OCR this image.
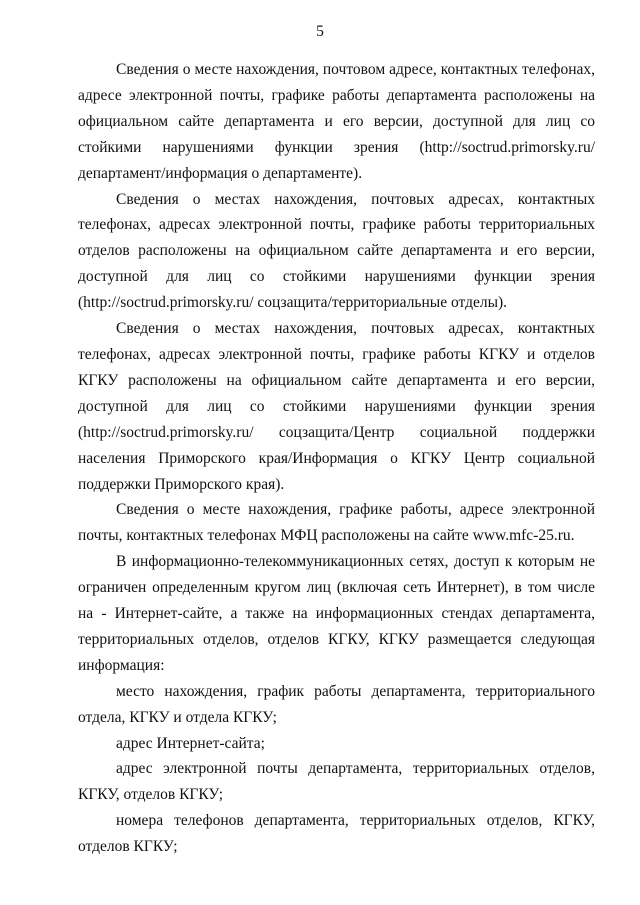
5

Сведения о месте нахождения, почтовом адресе, контактных телефонах, адресе электронной почты, графике работы департамента расположены на официальном сайте департамента и его версии, доступной для лиц со стойкими нарушениями функции зрения (http://soctrud.primorsky.ru/ департамент/информация о департаменте).

Сведения о местах нахождения, почтовых адресах, контактных телефонах, адресах электронной почты, графике работы территориальных отделов расположены на официальном сайте департамента и его версии, доступной для лиц со стойкими нарушениями функции зрения (http://soctrud.primorsky.ru/ соцзащита/территориальные отделы).

Сведения о местах нахождения, почтовых адресах, контактных телефонах, адресах электронной почты, графике работы КГКУ и отделов КГКУ расположены на официальном сайте департамента и его версии, доступной для лиц со стойкими нарушениями функции зрения (http://soctrud.primorsky.ru/ соцзащита/Центр социальной поддержки населения Приморского края/Информация о КГКУ Центр социальной поддержки Приморского края).

Сведения о месте нахождения, графике работы, адресе электронной почты, контактных телефонах МФЦ расположены на сайте www.mfc-25.ru.

В информационно-телекоммуникационных сетях, доступ к которым не ограничен определенным кругом лиц (включая сеть Интернет), в том числе на - Интернет-сайте, а также на информационных стендах департамента, территориальных отделов, отделов КГКУ, КГКУ размещается следующая информация:

место нахождения, график работы департамента, территориального отдела, КГКУ и отдела КГКУ;

адрес Интернет-сайта;

адрес электронной почты департамента, территориальных отделов, КГКУ, отделов КГКУ;

номера телефонов департамента, территориальных отделов, КГКУ, отделов КГКУ;
